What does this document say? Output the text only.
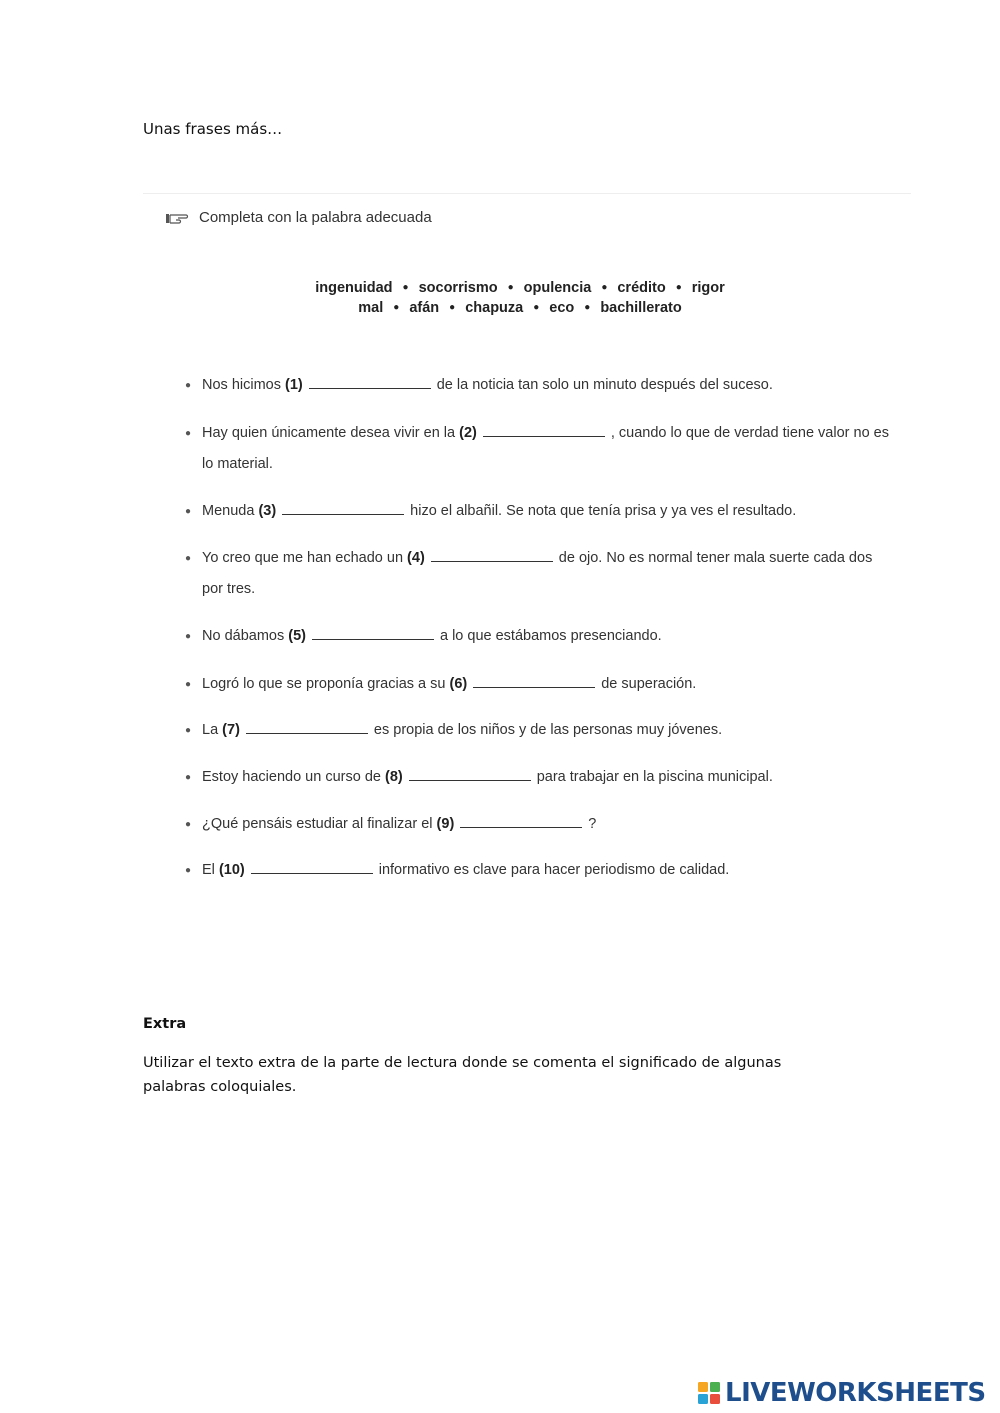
Unas frases más…
Completa con la palabra adecuada
ingenuidad ● socorrismo ● opulencia ● crédito ● rigor
mal ● afán ● chapuza ● eco ● bachillerato
● Nos hicimos (1)	de la noticia tan solo un minuto después del suceso.
● Hay quien únicamente desea vivir en la (2)	, cuando lo que de verdad tiene valor no es lo material.
● Menuda (3)	hizo el albañil. Se nota que tenía prisa y ya ves el resultado.
● Yo creo que me han echado un (4)	de ojo. No es normal tener mala suerte cada dos por tres.
● No dábamos (5)	a lo que estábamos presenciando.
● Logró lo que se proponía gracias a su (6)	de superación.
● La (7)	es propia de los niños y de las personas muy jóvenes.
● Estoy haciendo un curso de (8)	para trabajar en la piscina municipal.
● ¿Qué pensáis estudiar al finalizar el (9)	?
● El (10)	informativo es clave para hacer periodismo de calidad.
Extra
Utilizar el texto extra de la parte de lectura donde se comenta el significado de algunas palabras coloquiales.
LIVEWORKSHEETS
